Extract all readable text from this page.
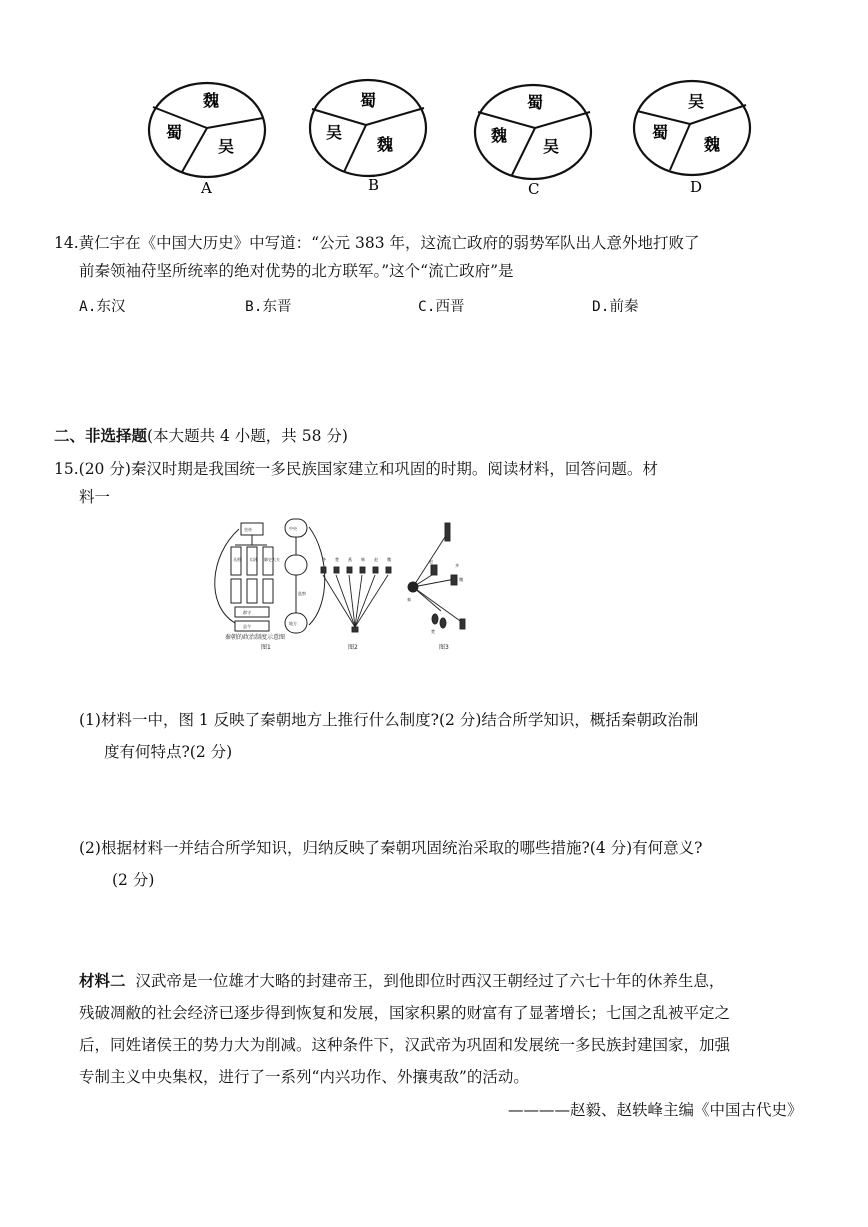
魏
蜀
吴
A
蜀
吴
魏
B
蜀
魏
吴
C
吴
蜀
魏
D
14.黄仁宇在《中国大历史》中写道：“公元 383 年，这流亡政府的弱势军队出人意外地打败了
前秦领袖苻坚所统率的绝对优势的北方联军。”这个“流亡政府”是
A.东汉	B.东晋	C.西晋	D.前秦
二、非选择题(本大题共 4 小题，共 58 分)
15.(20 分)秦汉时期是我国统一多民族国家建立和巩固的时期。阅读材料，回答问题。材
料一
皇帝	中央
丞相 太尉 御史大夫
郡守
县令
地方
监察
秦朝的政治制度示意图
图1
齐 楚 燕 韩 赵 魏
图2
秦
赵
魏
齐
楚
图3
(1)材料一中，图 1 反映了秦朝地方上推行什么制度?(2 分)结合所学知识，概括秦朝政治制
度有何特点?(2 分)
(2)根据材料一并结合所学知识，归纳反映了秦朝巩固统治采取的哪些措施?(4 分)有何意义?
(2 分)
材料二 汉武帝是一位雄才大略的封建帝王，到他即位时西汉王朝经过了六七十年的休养生息，
残破凋敝的社会经济已逐步得到恢复和发展，国家积累的财富有了显著增长；七国之乱被平定之
后，同姓诸侯王的势力大为削减。这种条件下，汉武帝为巩固和发展统一多民族封建国家，加强
专制主义中央集权，进行了一系列“内兴功作、外攘夷敌”的活动。
————赵毅、赵轶峰主编《中国古代史》
